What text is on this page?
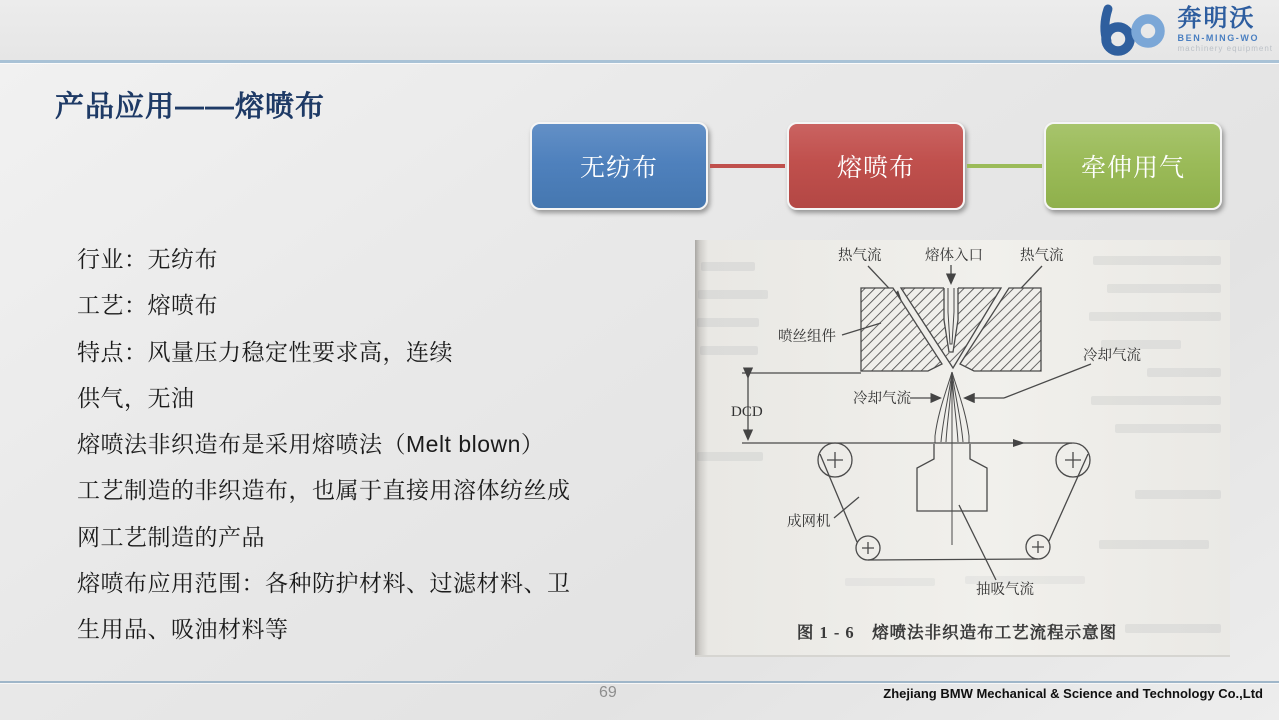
奔明沃
BEN-MING-WO
machinery equipment
产品应用——熔喷布
无纺布	熔喷布	牵伸用气
行业：无纺布
工艺：熔喷布
特点：风量压力稳定性要求高，连续
供气，无油
熔喷法非织造布是采用熔喷法（Melt blown）
工艺制造的非织造布，也属于直接用溶体纺丝成
网工艺制造的产品
熔喷布应用范围：各种防护材料、过滤材料、卫
生用品、吸油材料等
热气流	熔体入口	热气流
喷丝组件
DCD
冷却气流
冷却气流
成网机
抽吸气流
图 1 - 6　熔喷法非织造布工艺流程示意图
69	Zhejiang BMW Mechanical & Science and Technology Co.,Ltd
